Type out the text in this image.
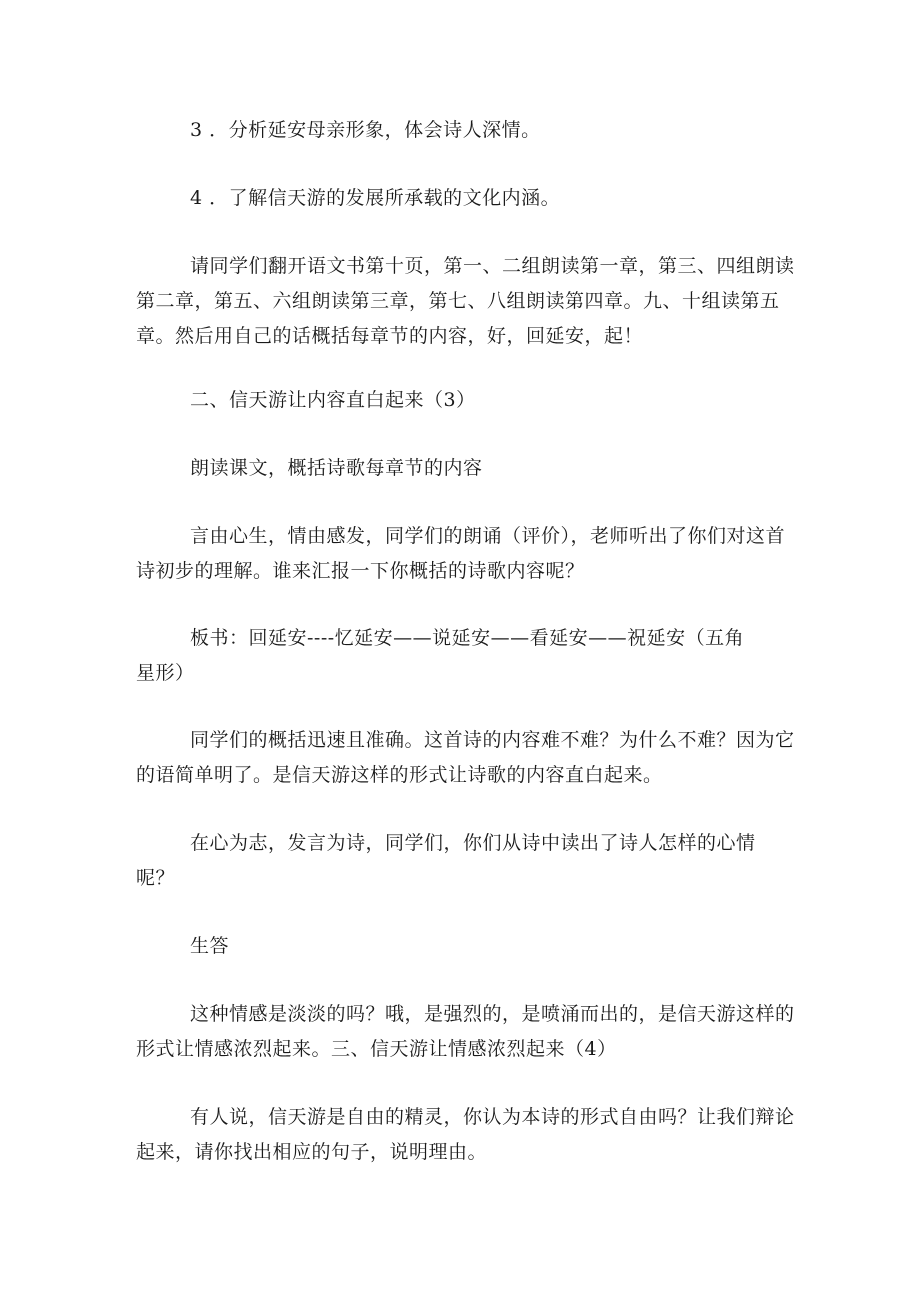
3 ．分析延安母亲形象，体会诗人深情。

4 ．了解信天游的发展所承载的文化内涵。

请同学们翻开语文书第十页，第一、二组朗读第一章，第三、四组朗读第二章，第五、六组朗读第三章，第七、八组朗读第四章。九、十组读第五章。然后用自己的话概括每章节的内容，好，回延安，起！

二、信天游让内容直白起来（3）

朗读课文，概括诗歌每章节的内容

言由心生，情由感发，同学们的朗诵（评价），老师听出了你们对这首诗初步的理解。谁来汇报一下你概括的诗歌内容呢？

板书：回延安----忆延安——说延安——看延安——祝延安（五角星形）

同学们的概括迅速且准确。这首诗的内容难不难？为什么不难？因为它的语简单明了。是信天游这样的形式让诗歌的内容直白起来。

在心为志，发言为诗，同学们，你们从诗中读出了诗人怎样的心情呢？

生答

这种情感是淡淡的吗？哦，是强烈的，是喷涌而出的，是信天游这样的形式让情感浓烈起来。三、信天游让情感浓烈起来（4）

有人说，信天游是自由的精灵，你认为本诗的形式自由吗？让我们辩论起来，请你找出相应的句子，说明理由。
